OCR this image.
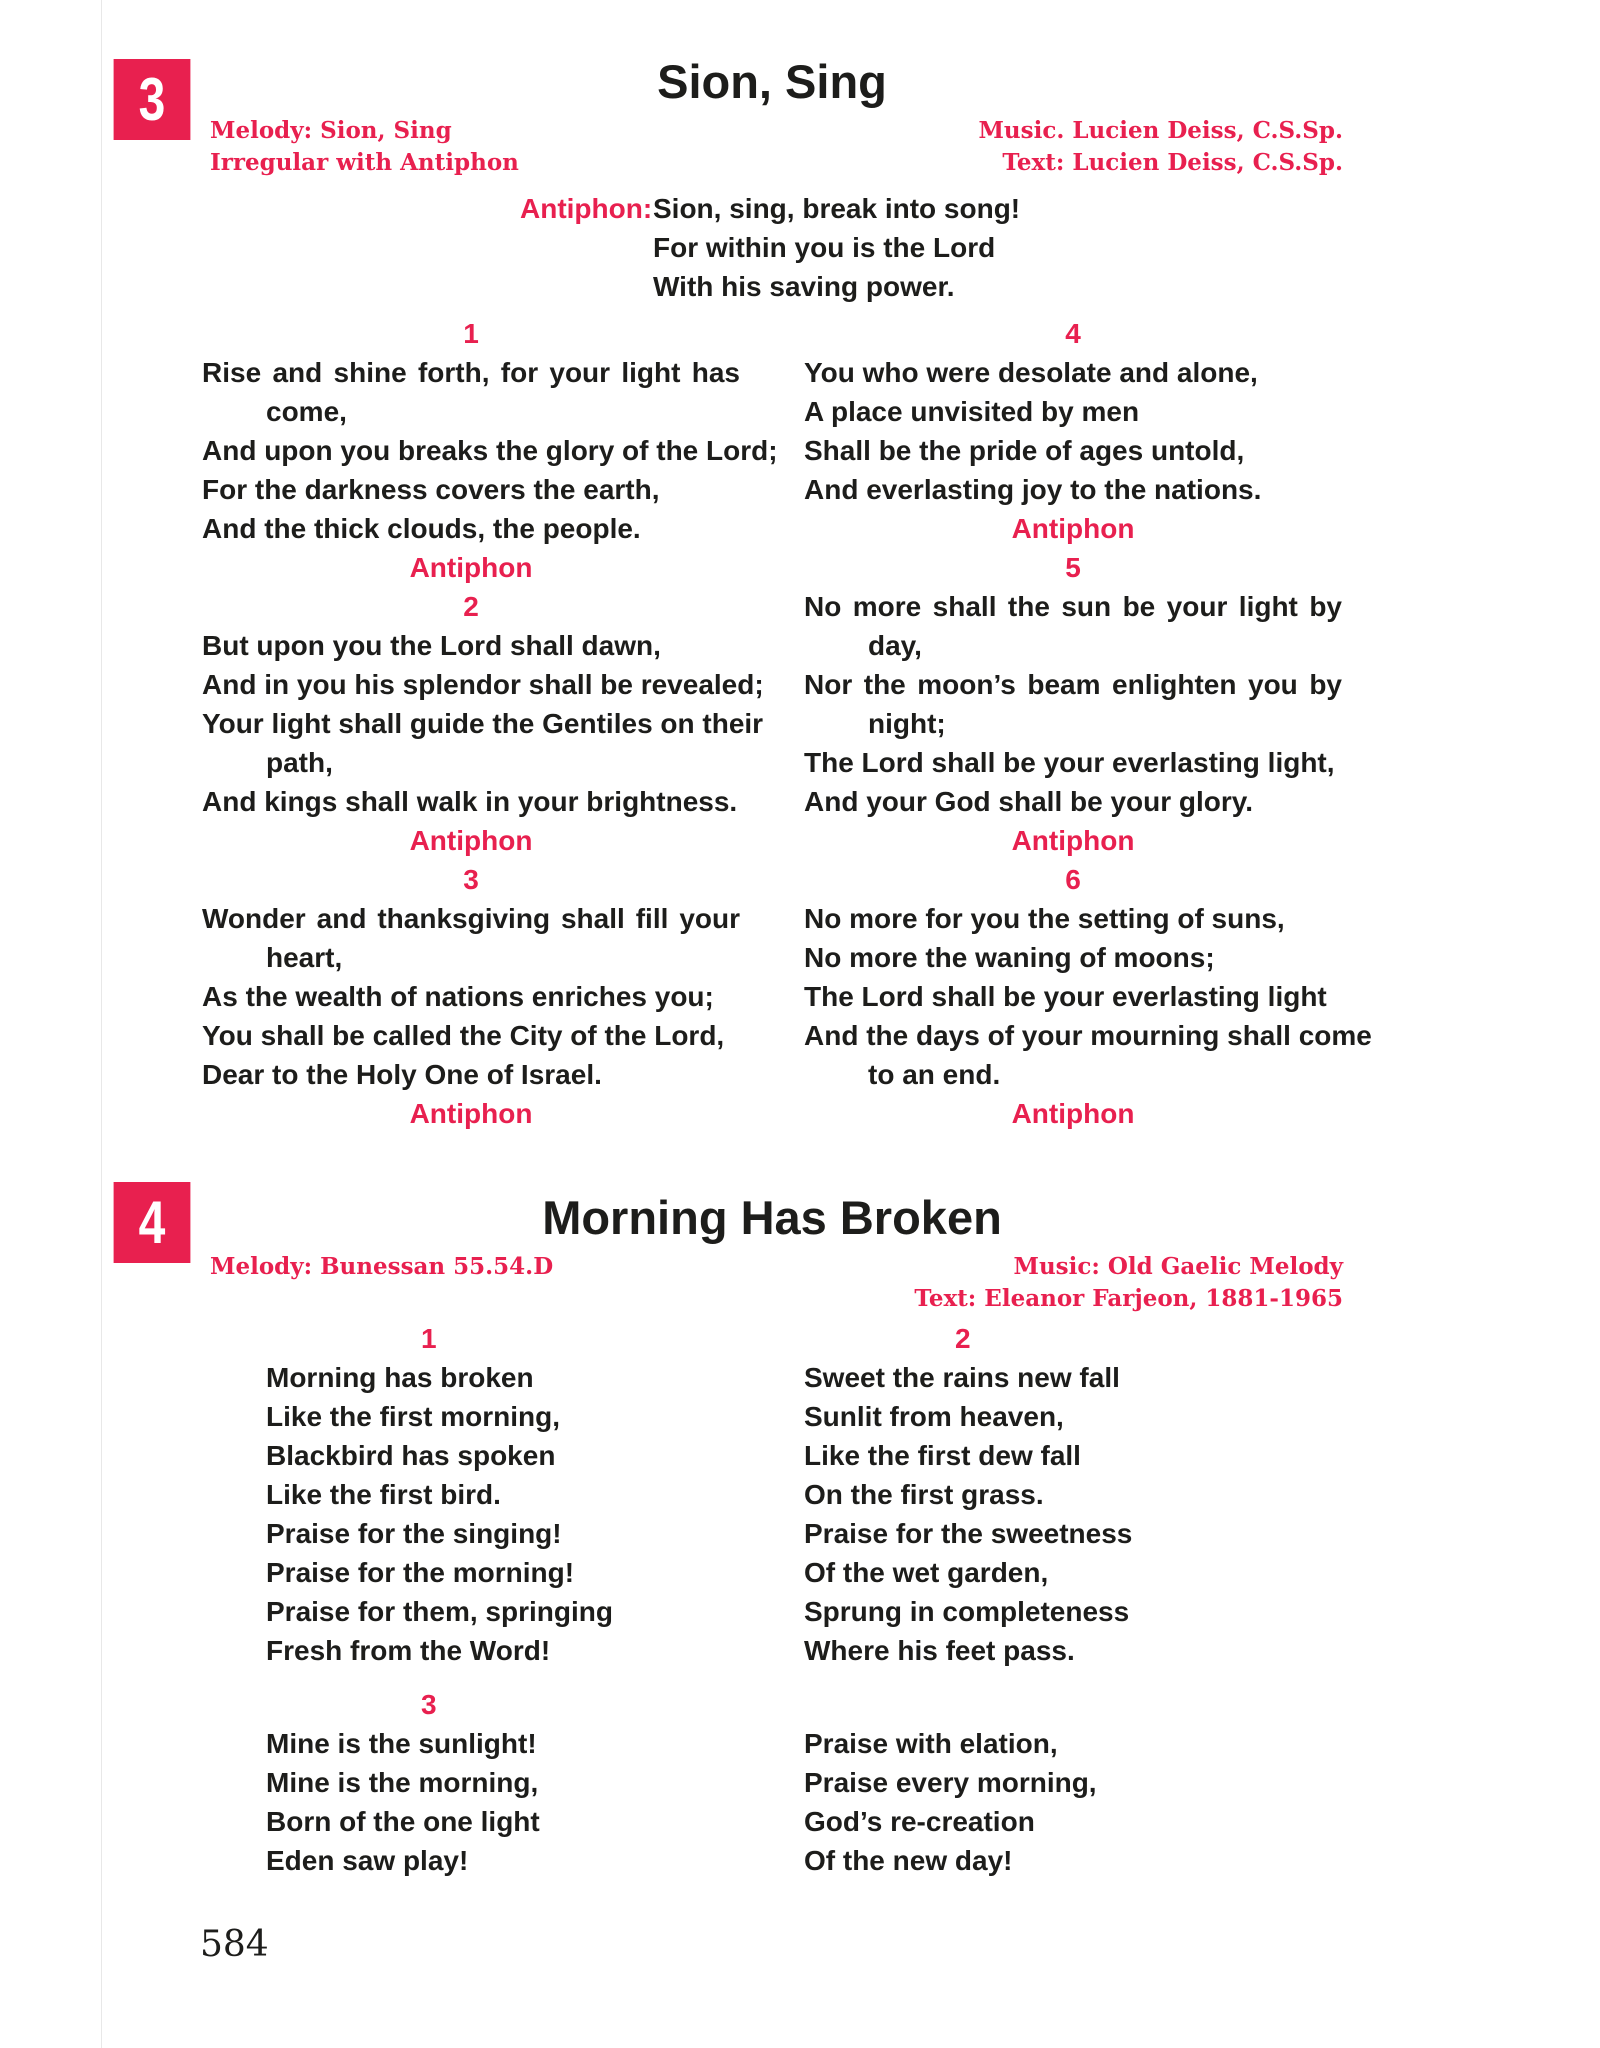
3	Sion, Sing
Melody: Sion, Sing
Irregular with Antiphon
Music. Lucien Deiss, C.S.Sp.
Text: Lucien Deiss, C.S.Sp.
Antiphon: Sion, sing, break into song!
For within you is the Lord
With his saving power.
1
Rise and shine forth, for your light has
come,
And upon you breaks the glory of the Lord;
For the darkness covers the earth,
And the thick clouds, the people.
Antiphon
2
But upon you the Lord shall dawn,
And in you his splendor shall be revealed;
Your light shall guide the Gentiles on their
path,
And kings shall walk in your brightness.
Antiphon
3
Wonder and thanksgiving shall fill your
heart,
As the wealth of nations enriches you;
You shall be called the City of the Lord,
Dear to the Holy One of Israel.
Antiphon
4
You who were desolate and alone,
A place unvisited by men
Shall be the pride of ages untold,
And everlasting joy to the nations.
Antiphon
5
No more shall the sun be your light by
day,
Nor the moon’s beam enlighten you by
night;
The Lord shall be your everlasting light,
And your God shall be your glory.
Antiphon
6
No more for you the setting of suns,
No more the waning of moons;
The Lord shall be your everlasting light
And the days of your mourning shall come
to an end.
Antiphon
4	Morning Has Broken
Melody: Bunessan 55.54.D	Music: Old Gaelic Melody
Text: Eleanor Farjeon, 1881-1965
1
Morning has broken
Like the first morning,
Blackbird has spoken
Like the first bird.
Praise for the singing!
Praise for the morning!
Praise for them, springing
Fresh from the Word!
2
Sweet the rains new fall
Sunlit from heaven,
Like the first dew fall
On the first grass.
Praise for the sweetness
Of the wet garden,
Sprung in completeness
Where his feet pass.
3
Mine is the sunlight!
Mine is the morning,
Born of the one light
Eden saw play!
Praise with elation,
Praise every morning,
God’s re-creation
Of the new day!
584
